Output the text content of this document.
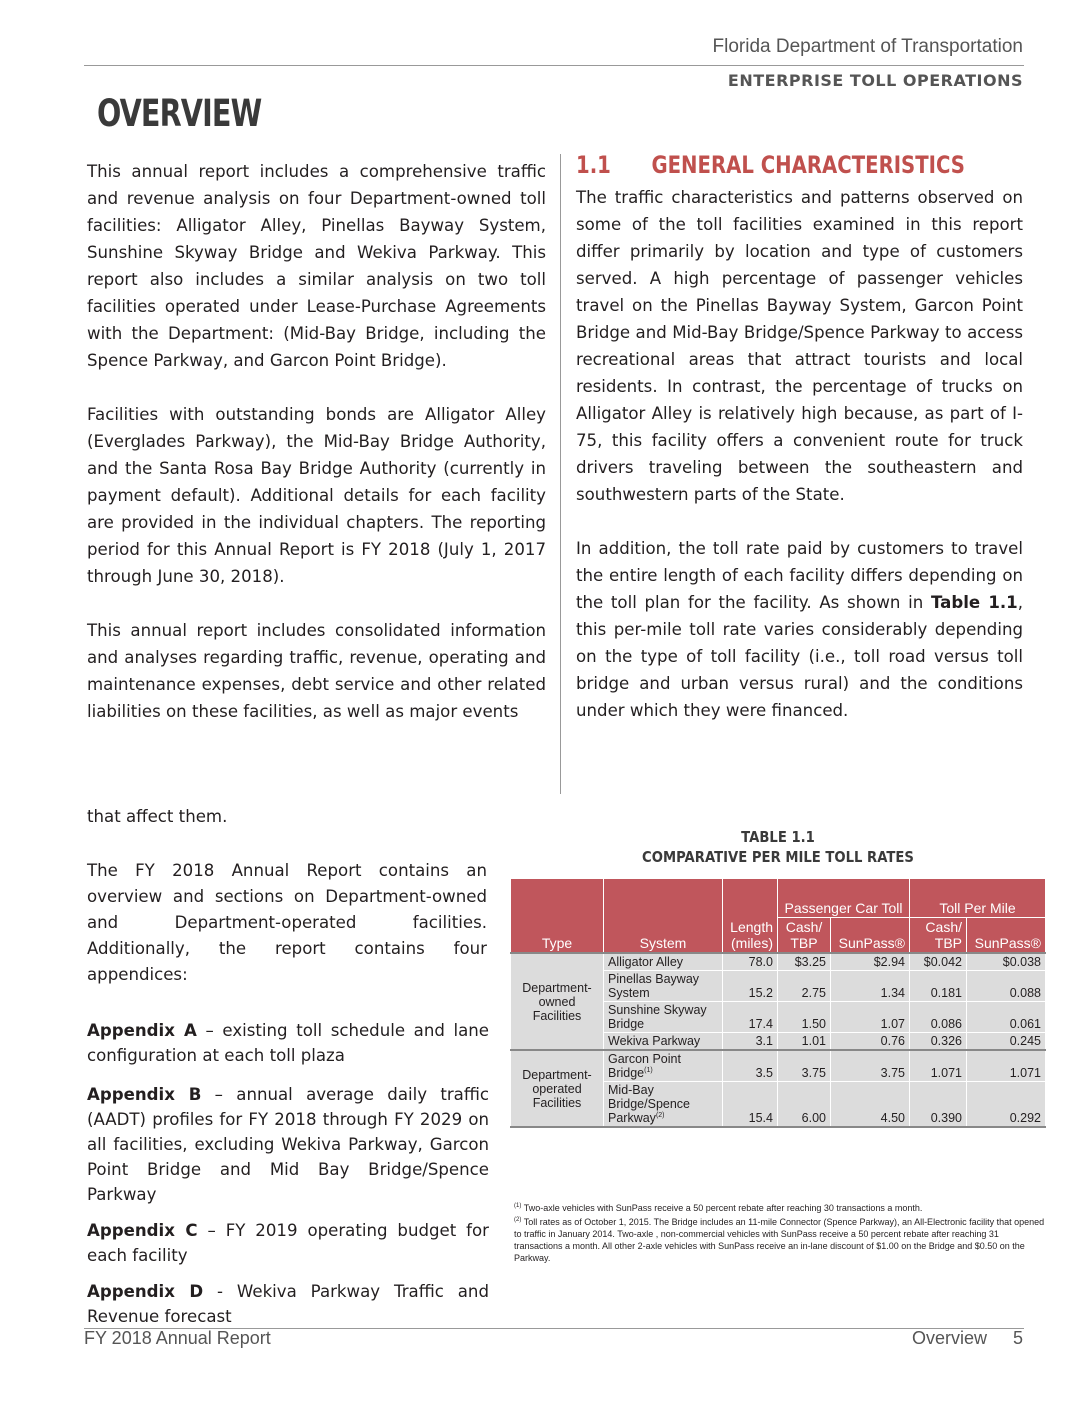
Florida Department of Transportation
ENTERPRISE TOLL OPERATIONS
OVERVIEW

This annual report includes a comprehensive traffic and revenue analysis on four Department-owned toll facilities: Alligator Alley, Pinellas Bayway System, Sunshine Skyway Bridge and Wekiva Parkway. This report also includes a similar analysis on two toll facilities operated under Lease-Purchase Agreements with the Department: (Mid-Bay Bridge, including the Spence Parkway, and Garcon Point Bridge).

Facilities with outstanding bonds are Alligator Alley (Everglades Parkway), the Mid-Bay Bridge Authority, and the Santa Rosa Bay Bridge Authority (currently in payment default). Additional details for each facility are provided in the individual chapters. The reporting period for this Annual Report is FY 2018 (July 1, 2017 through June 30, 2018).

This annual report includes consolidated information and analyses regarding traffic, revenue, operating and maintenance expenses, debt service and other related liabilities on these facilities, as well as major events

that affect them.
1.1 GENERAL CHARACTERISTICS

The traffic characteristics and patterns observed on some of the toll facilities examined in this report differ primarily by location and type of customers served. A high percentage of passenger vehicles travel on the Pinellas Bayway System, Garcon Point Bridge and Mid-Bay Bridge/Spence Parkway to access recreational areas that attract tourists and local residents. In contrast, the percentage of trucks on Alligator Alley is relatively high because, as part of I-75, this facility offers a convenient route for truck drivers traveling between the southeastern and southwestern parts of the State.

In addition, the toll rate paid by customers to travel the entire length of each facility differs depending on the toll plan for the facility. As shown in Table 1.1, this per-mile toll rate varies considerably depending on the type of toll facility (i.e., toll road versus toll bridge and urban versus rural) and the conditions under which they were financed.

The FY 2018 Annual Report contains an overview and sections on Department-owned and Department-operated facilities. Additionally, the report contains four appendices:

Appendix A – existing toll schedule and lane configuration at each toll plaza
Appendix B – annual average daily traffic (AADT) profiles for FY 2018 through FY 2029 on all facilities, excluding Wekiva Parkway, Garcon Point Bridge and Mid Bay Bridge/Spence Parkway
Appendix C – FY 2019 operating budget for each facility
Appendix D - Wekiva Parkway Traffic and Revenue forecast
TABLE 1.1
COMPARATIVE PER MILE TOLL RATES
Type	System	Length (miles)	Passenger Car Toll		Toll Per Mile	
			Cash/ TBP	SunPass®	Cash/ TBP	SunPass®
Department-owned Facilities	Alligator Alley	78.0	$3.25	$2.94	$0.042	$0.038
	Pinellas Bayway System	15.2	2.75	1.34	0.181	0.088
	Sunshine Skyway Bridge	17.4	1.50	1.07	0.086	0.061
	Wekiva Parkway	3.1	1.01	0.76	0.326	0.245
Department-operated Facilities	Garcon Point Bridge$^{(1)}$	3.5	3.75	3.75	1.071	1.071
	Mid-Bay Bridge/Spence Parkway$^{(2)}$	15.4	6.00	4.50	0.390	0.292

$^{(1)}$ Two-axle vehicles with SunPass receive a 50 percent rebate after reaching 30 transactions a month.

$^{(2)}$ Toll rates as of October 1, 2015. The Bridge includes an 11-mile Connector (Spence Parkway), an All-Electronic facility that opened to traffic in January 2014. Two-axle , non-commercial vehicles with SunPass receive a 50 percent rebate after reaching 31 transactions a month. All other 2-axle vehicles with SunPass receive an in-lane discount of $1.00 on the Bridge and $0.50 on the Parkway.

FY 2018 Annual Report	Overview 5
